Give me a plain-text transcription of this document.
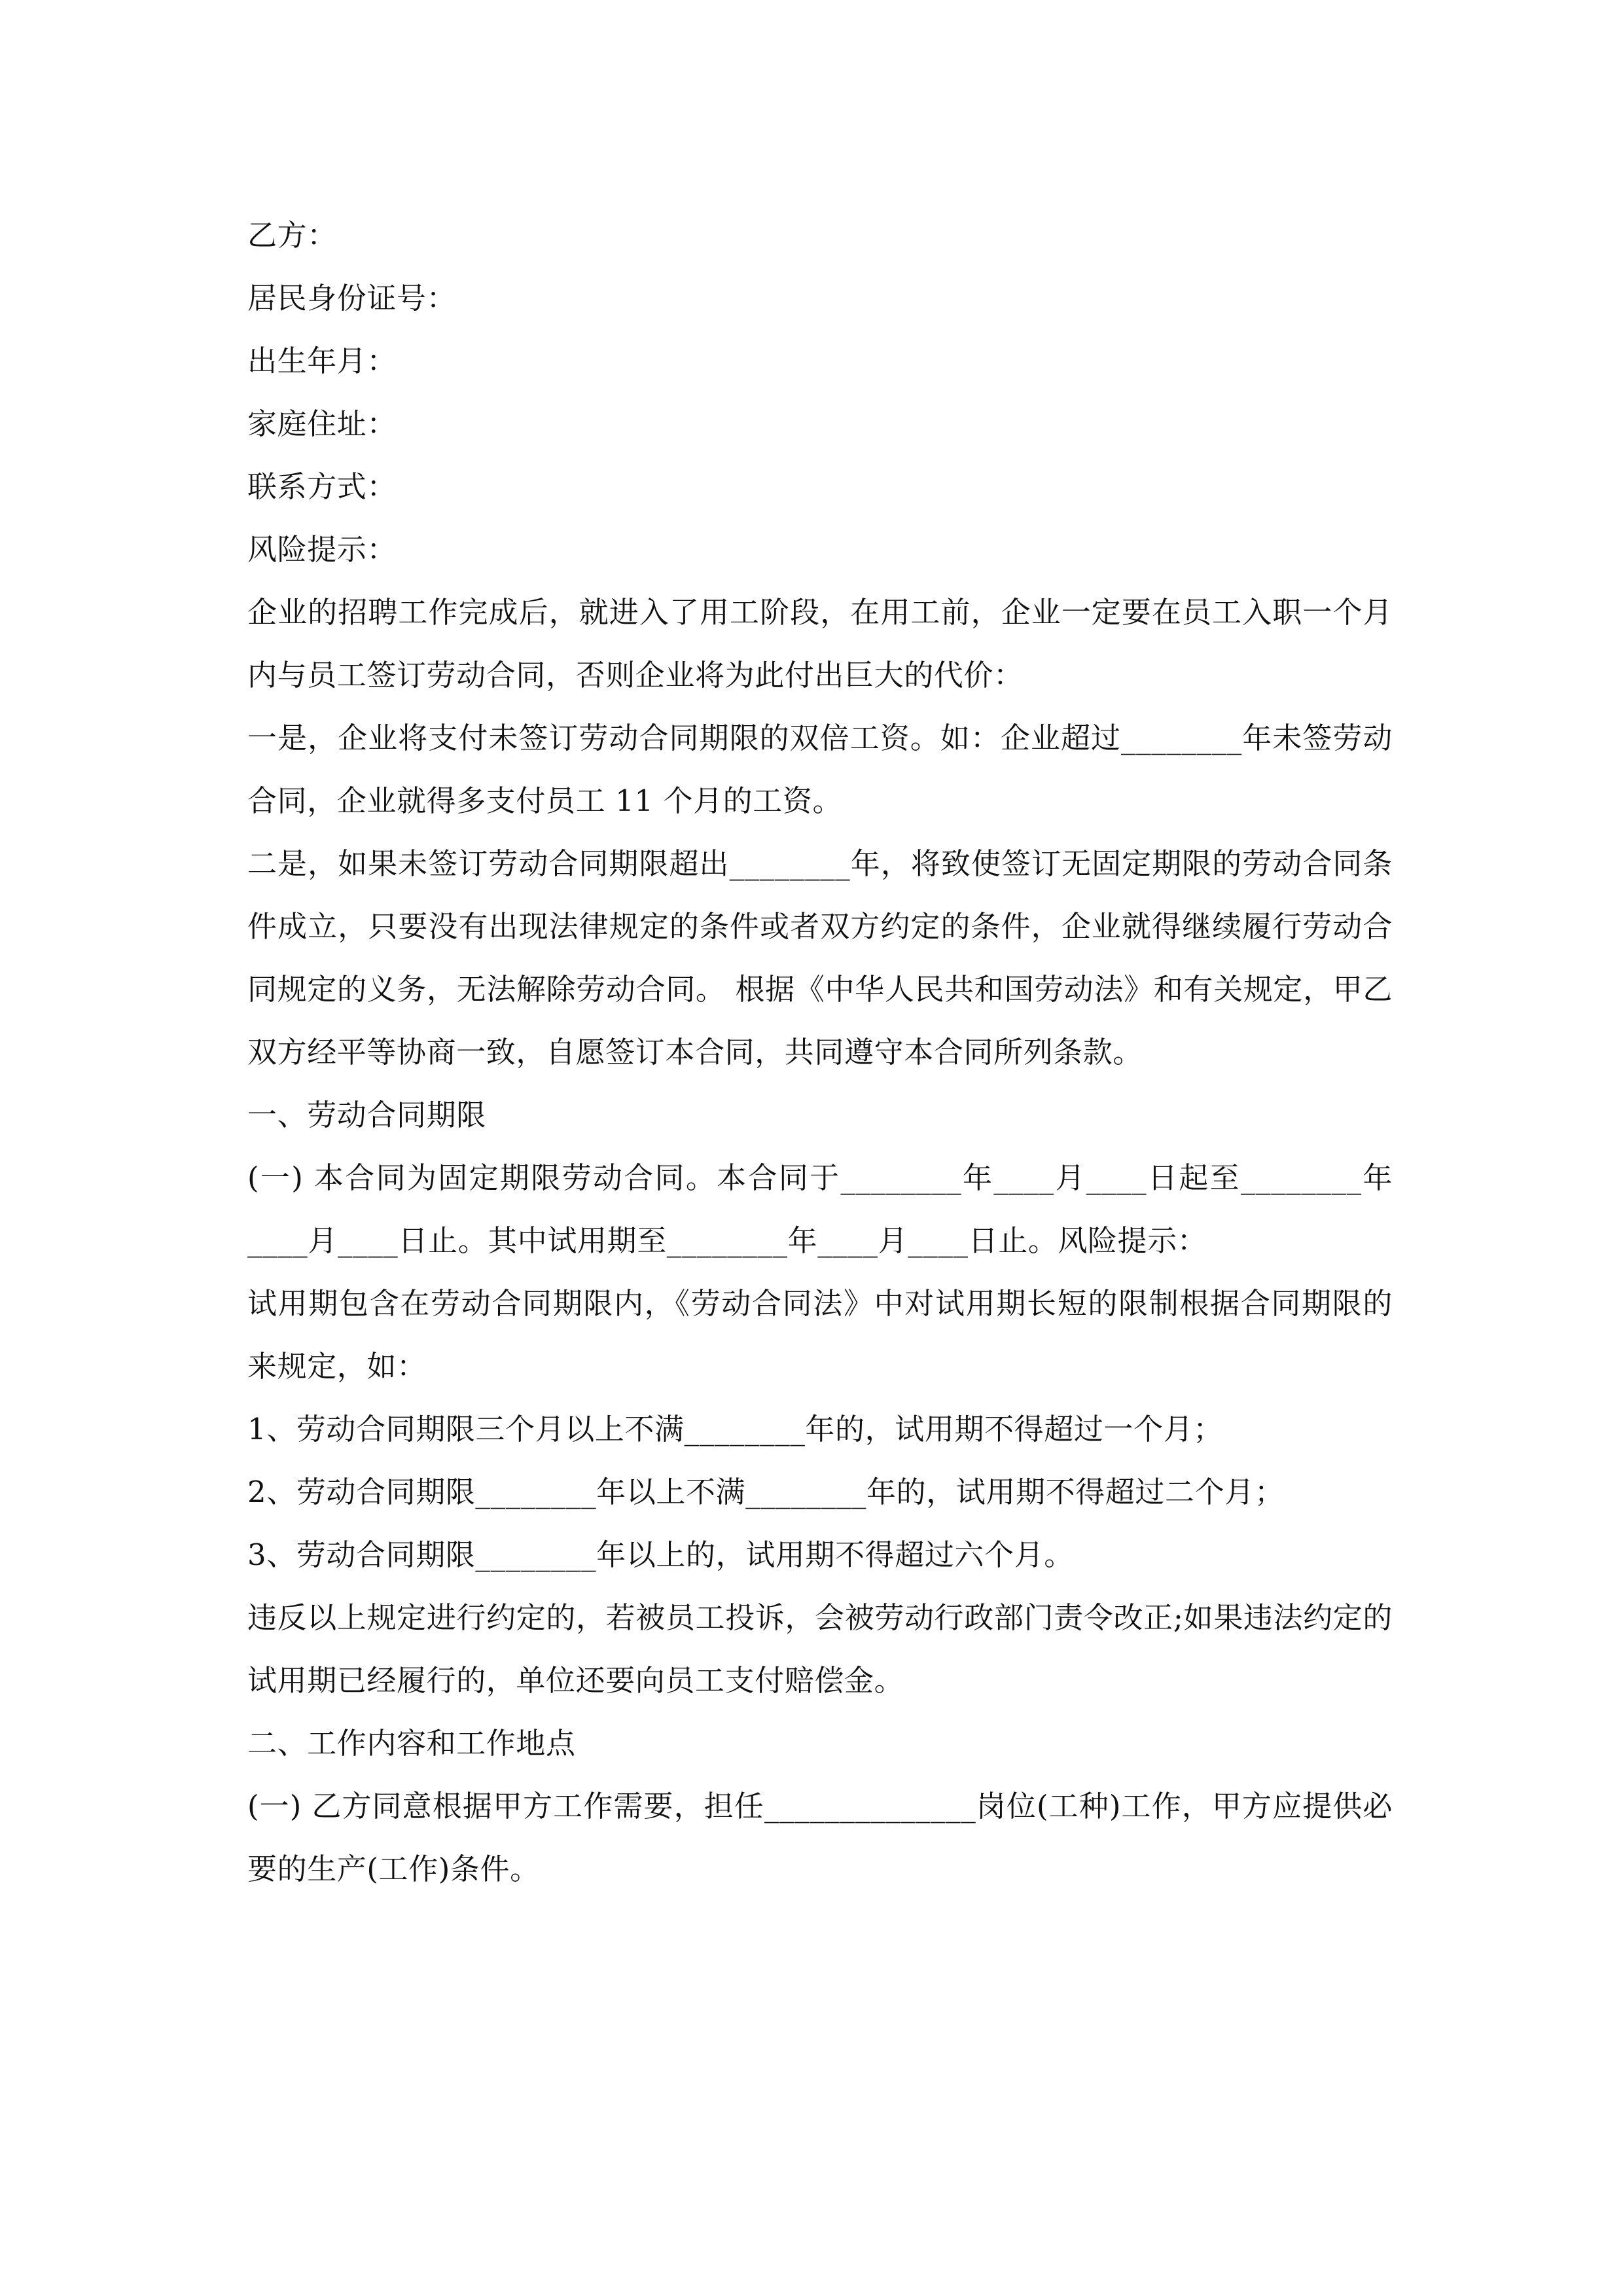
乙方：
居民身份证号：
出生年月：
家庭住址：
联系方式：
风险提示：
企业的招聘工作完成后，就进入了用工阶段，在用工前，企业一定要在员工入职一个月内与员工签订劳动合同，否则企业将为此付出巨大的代价：
一是，企业将支付未签订劳动合同期限的双倍工资。如：企业超过________年未签劳动合同，企业就得多支付员工 11 个月的工资。
二是，如果未签订劳动合同期限超出________年，将致使签订无固定期限的劳动合同条件成立，只要没有出现法律规定的条件或者双方约定的条件，企业就得继续履行劳动合同规定的义务，无法解除劳动合同。 根据《中华人民共和国劳动法》和有关规定，甲乙双方经平等协商一致，自愿签订本合同，共同遵守本合同所列条款。
一、劳动合同期限
(一) 本合同为固定期限劳动合同。本合同于________年____月____日起至________年____月____日止。其中试用期至________年____月____日止。风险提示：
试用期包含在劳动合同期限内，《劳动合同法》中对试用期长短的限制根据合同期限的来规定，如：
1、劳动合同期限三个月以上不满________年的，试用期不得超过一个月；
2、劳动合同期限________年以上不满________年的，试用期不得超过二个月；
3、劳动合同期限________年以上的，试用期不得超过六个月。
违反以上规定进行约定的，若被员工投诉，会被劳动行政部门责令改正;如果违法约定的试用期已经履行的，单位还要向员工支付赔偿金。
二、工作内容和工作地点
(一) 乙方同意根据甲方工作需要，担任______________岗位(工种)工作，甲方应提供必要的生产(工作)条件。
